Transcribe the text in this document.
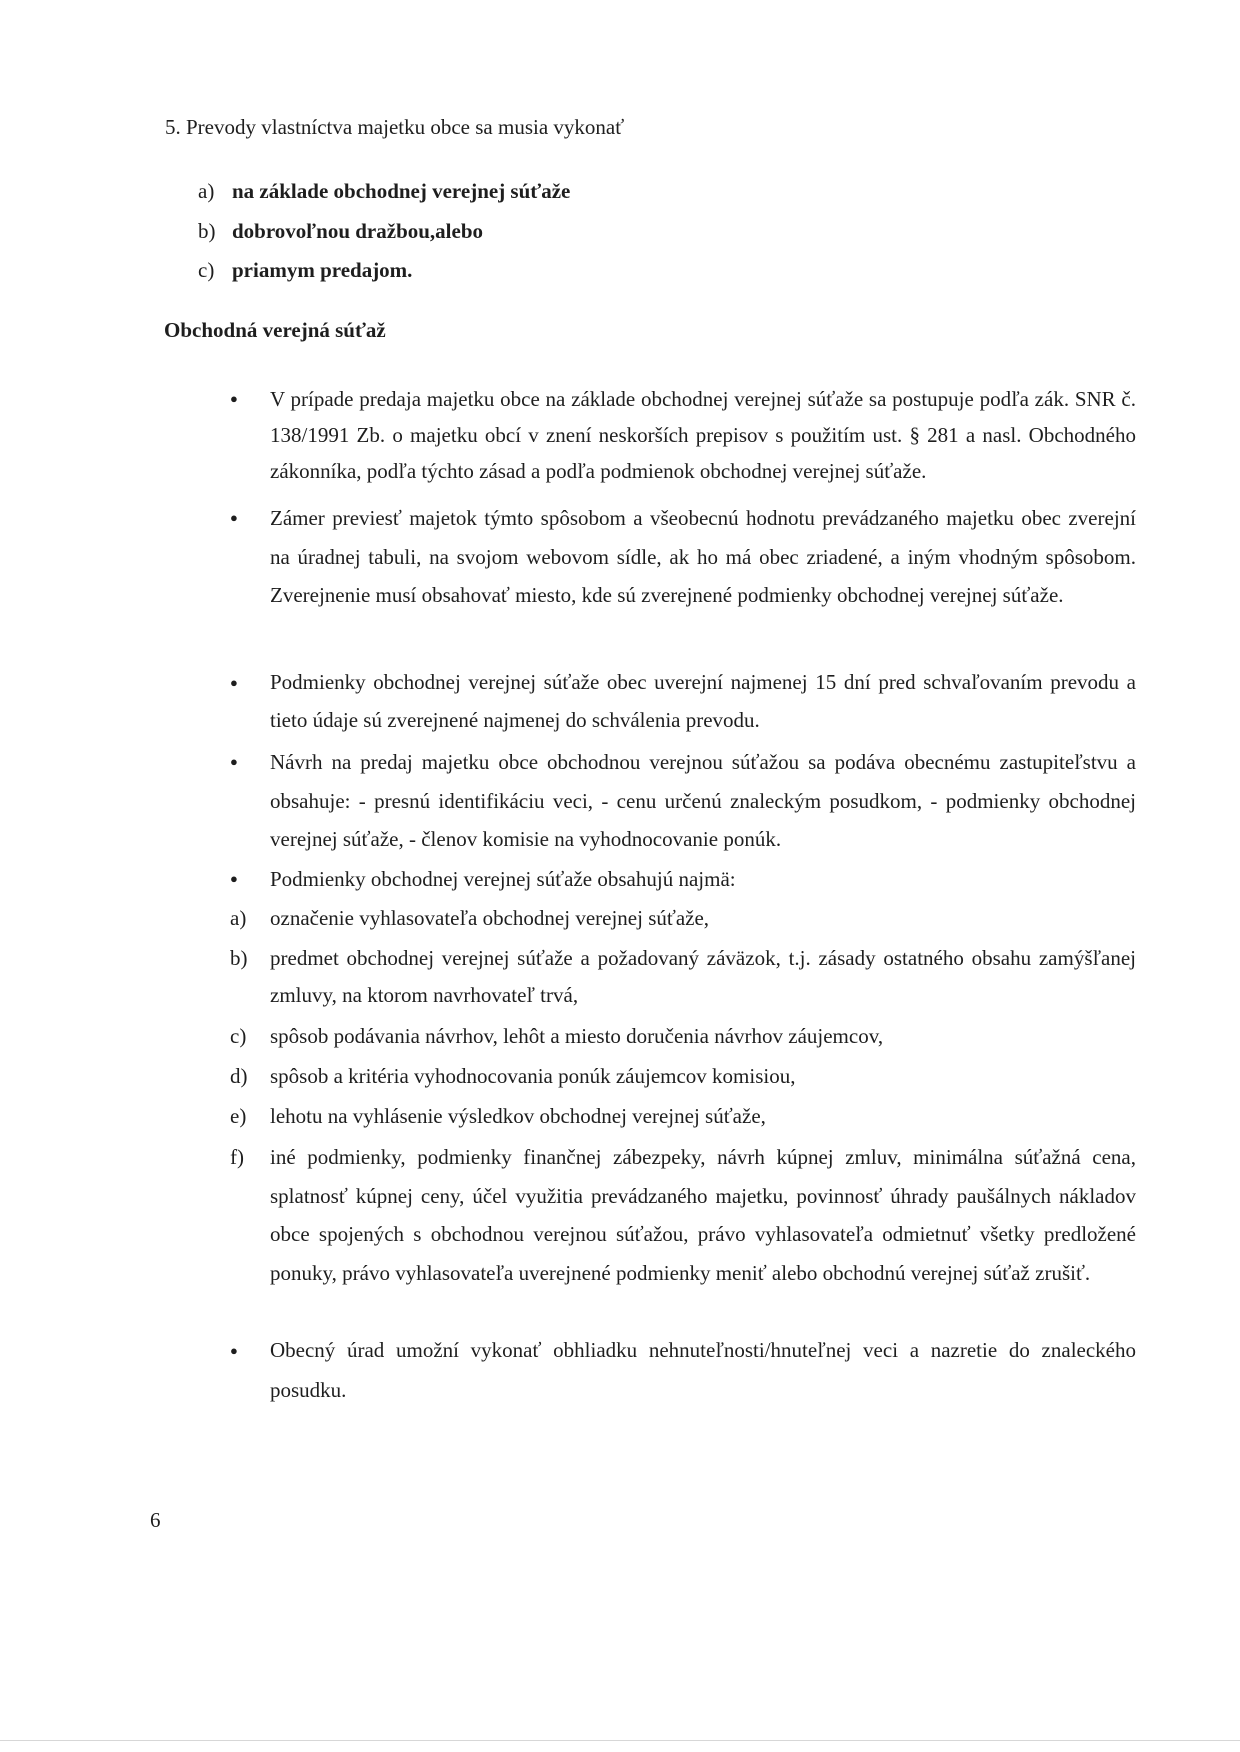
5. Prevody vlastníctva majetku obce sa musia vykonať
a) na základe obchodnej verejnej súťaže
b) dobrovoľnou dražbou,alebo
c) priamym predajom.
Obchodná verejná súťaž
● V prípade predaja majetku obce na základe obchodnej verejnej súťaže sa postupuje podľa zák. SNR č. 138/1991 Zb. o majetku obcí v znení neskorších prepisov s použitím ust. § 281 a nasl. Obchodného zákonníka, podľa týchto zásad a podľa podmienok obchodnej verejnej súťaže.
● Zámer previesť majetok týmto spôsobom a všeobecnú hodnotu prevádzaného majetku obec zverejní na úradnej tabuli, na svojom webovom sídle, ak ho má obec zriadené, a iným vhodným spôsobom. Zverejnenie musí obsahovať miesto, kde sú zverejnené podmienky obchodnej verejnej súťaže.
● Podmienky obchodnej verejnej súťaže obec uverejní najmenej 15 dní pred schvaľovaním prevodu a tieto údaje sú zverejnené najmenej do schválenia prevodu.
● Návrh na predaj majetku obce obchodnou verejnou súťažou sa podáva obecnému zastupiteľstvu a obsahuje: - presnú identifikáciu veci, - cenu určenú znaleckým posudkom, - podmienky obchodnej verejnej súťaže, - členov komisie na vyhodnocovanie ponúk.
● Podmienky obchodnej verejnej súťaže obsahujú najmä:
a) označenie vyhlasovateľa obchodnej verejnej súťaže,
b) predmet obchodnej verejnej súťaže a požadovaný záväzok, t.j. zásady ostatného obsahu zamýšľanej zmluvy, na ktorom navrhovateľ trvá,
c) spôsob podávania návrhov, lehôt a miesto doručenia návrhov záujemcov,
d) spôsob a kritéria vyhodnocovania ponúk záujemcov komisiou,
e) lehotu na vyhlásenie výsledkov obchodnej verejnej súťaže,
f) iné podmienky, podmienky finančnej zábezpeky, návrh kúpnej zmluv, minimálna súťažná cena, splatnosť kúpnej ceny, účel využitia prevádzaného majetku, povinnosť úhrady paušálnych nákladov obce spojených s obchodnou verejnou súťažou, právo vyhlasovateľa odmietnuť všetky predložené ponuky, právo vyhlasovateľa uverejnené podmienky meniť alebo obchodnú verejnej súťaž zrušiť.
● Obecný úrad umožní vykonať obhliadku nehnuteľnosti/hnuteľnej veci a nazretie do znaleckého posudku.
6
